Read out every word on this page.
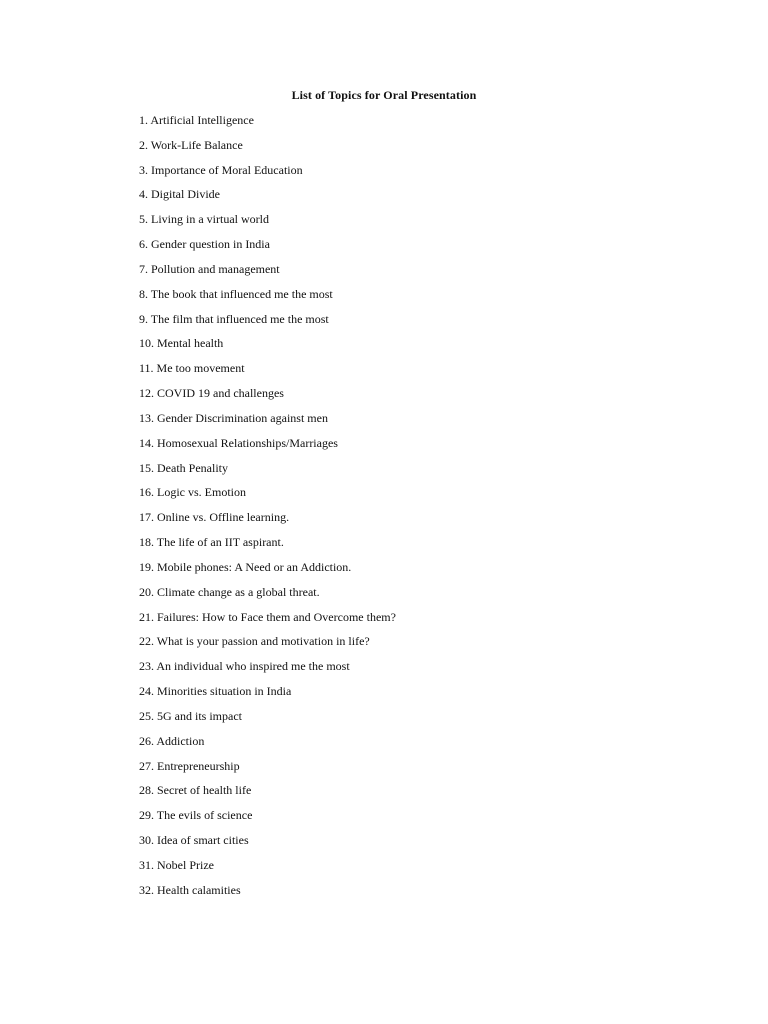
List of Topics for Oral Presentation
1. Artificial Intelligence
2. Work-Life Balance
3. Importance of Moral Education
4. Digital Divide
5. Living in a virtual world
6. Gender question in India
7. Pollution and management
8. The book that influenced me the most
9. The film that influenced me the most
10. Mental health
11. Me too movement
12. COVID 19 and challenges
13. Gender Discrimination against men
14. Homosexual Relationships/Marriages
15. Death Penality
16. Logic vs. Emotion
17. Online vs. Offline learning.
18. The life of an IIT aspirant.
19. Mobile phones: A Need or an Addiction.
20. Climate change as a global threat.
21. Failures: How to Face them and Overcome them?
22. What is your passion and motivation in life?
23. An individual who inspired me the most
24. Minorities situation in India
25. 5G and its impact
26. Addiction
27. Entrepreneurship
28. Secret of health life
29. The evils of science
30. Idea of smart cities
31. Nobel Prize
32. Health calamities
